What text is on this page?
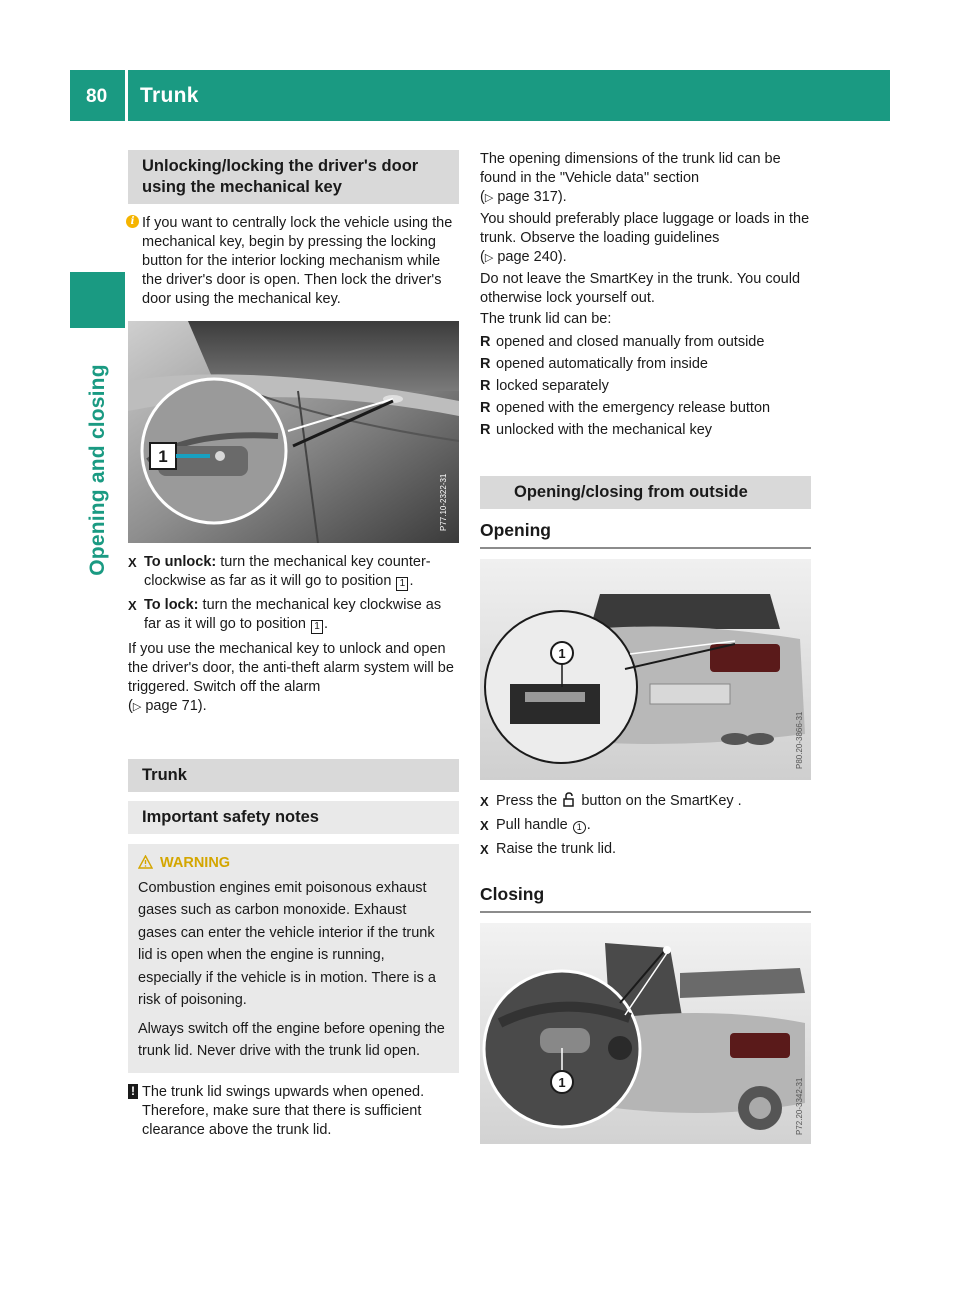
80 Trunk
Opening and closing
Unlocking/locking the driver's door
using the mechanical key
i If you want to centrally lock the vehicle using the mechanical key, begin by pressing the locking button for the interior locking mechanism while the driver's door is open. Then lock the driver's door using the mechanical key.
1
P77.10-2322-31
X To unlock: turn the mechanical key counter-clockwise as far as it will go to position 1 .
X To lock: turn the mechanical key clockwise as far as it will go to position 1 .
If you use the mechanical key to unlock and open the driver's door, the anti-theft alarm system will be triggered. Switch off the alarm
(▷ page 71).
Trunk
Important safety notes
WARNING
Combustion engines emit poisonous exhaust gases such as carbon monoxide. Exhaust gases can enter the vehicle interior if the trunk lid is open when the engine is running, especially if the vehicle is in motion. There is a risk of poisoning.
Always switch off the engine before opening the trunk lid. Never drive with the trunk lid open.
! The trunk lid swings upwards when opened. Therefore, make sure that there is sufficient clearance above the trunk lid.
The opening dimensions of the trunk lid can be found in the "Vehicle data" section
(▷ page 317).
You should preferably place luggage or loads in the trunk. Observe the loading guidelines
(▷ page 240).
Do not leave the SmartKey in the trunk. You could otherwise lock yourself out.
The trunk lid can be:
R opened and closed manually from outside
R opened automatically from inside
R locked separately
R opened with the emergency release button
R unlocked with the mechanical key
Opening/closing from outside
Opening
1
P80.20-3866-31
X Press the button on the SmartKey .
X Pull handle 1 .
X Raise the trunk lid.
Closing
1	P72.20-3342-31
